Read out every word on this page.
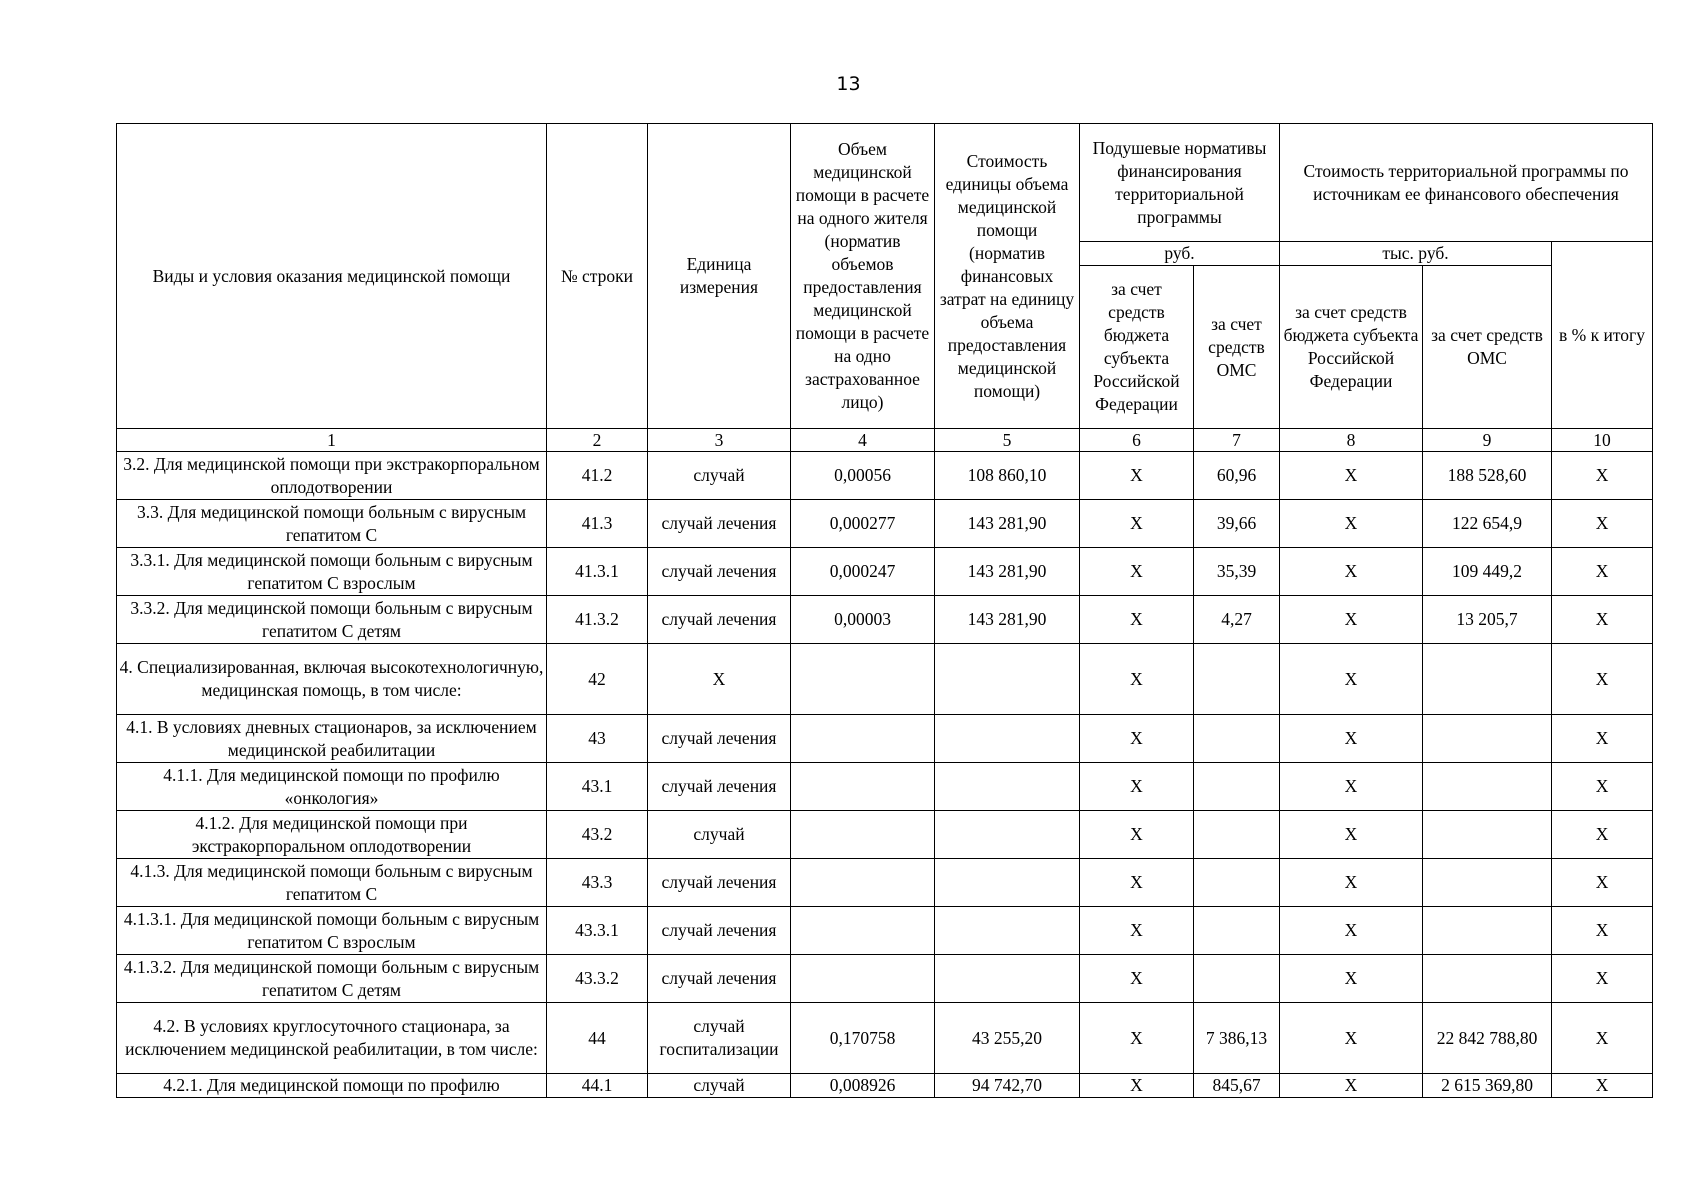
13
Виды и условия оказания медицинской помощи	№ строки	Единица измерения	Объем медицинской помощи в расчете на одного жителя (норматив объемов предоставления медицинской помощи в расчете на одно застрахованное лицо)	Стоимость единицы объема медицинской помощи (норматив финансовых затрат на единицу объема предоставления медицинской помощи)	Подушевые нормативы финансирования территориальной программы		Стоимость территориальной программы по источникам ее финансового обеспечения		
					руб.		тыс. руб.		в % к итогу
					за счет средств бюджета субъекта Российской Федерации	за счет средств ОМС	за счет средств бюджета субъекта Российской Федерации	за счет средств ОМС	
1	2	3	4	5	6	7	8	9	10
3.2. Для медицинской помощи при экстракорпоральном оплодотворении	41.2	случай	0,00056	108 860,10	X	60,96	X	188 528,60	X
3.3. Для медицинской помощи больным с вирусным гепатитом С	41.3	случай лечения	0,000277	143 281,90	X	39,66	X	122 654,9	X
3.3.1. Для медицинской помощи больным с вирусным гепатитом С взрослым	41.3.1	случай лечения	0,000247	143 281,90	X	35,39	X	109 449,2	X
3.3.2. Для медицинской помощи больным с вирусным гепатитом С детям	41.3.2	случай лечения	0,00003	143 281,90	X	4,27	X	13 205,7	X
4. Специализированная, включая высокотехнологичную, медицинская помощь, в том числе:	42	X			X		X		X
4.1. В условиях дневных стационаров, за исключением медицинской реабилитации	43	случай лечения			X		X		X
4.1.1. Для медицинской помощи по профилю «онкология»	43.1	случай лечения			X		X		X
4.1.2. Для медицинской помощи при экстракорпоральном оплодотворении	43.2	случай			X		X		X
4.1.3. Для медицинской помощи больным с вирусным гепатитом С	43.3	случай лечения			X		X		X
4.1.3.1. Для медицинской помощи больным с вирусным гепатитом С взрослым	43.3.1	случай лечения			X		X		X
4.1.3.2. Для медицинской помощи больным с вирусным гепатитом С детям	43.3.2	случай лечения			X		X		X
4.2. В условиях круглосуточного стационара, за исключением медицинской реабилитации, в том числе:	44	случай госпитализации	0,170758	43 255,20	X	7 386,13	X	22 842 788,80	X
4.2.1. Для медицинской помощи по профилю	44.1	случай	0,008926	94 742,70	X	845,67	X	2 615 369,80	X
